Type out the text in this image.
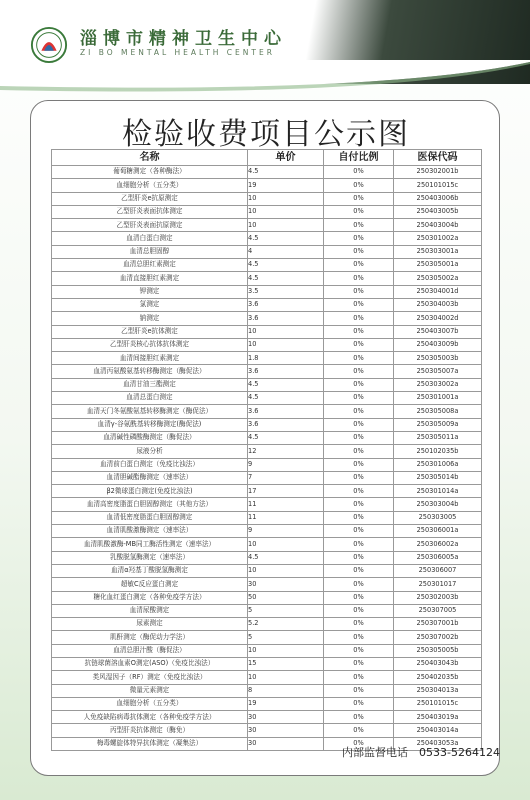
淄博市精神卫生中心
ZI BO MENTAL HEALTH CENTER
检验收费项目公示图
名称	单价	自付比例	医保代码
葡萄糖测定（各种酶法）	4.5	0%	250302001b
血细胞分析（五分类）	19	0%	250101015c
乙型肝炎e抗原测定	10	0%	250403006b
乙型肝炎表面抗体测定	10	0%	250403005b
乙型肝炎表面抗原测定	10	0%	250403004b
血清白蛋白测定	4.5	0%	250301002a
血清总胆固醇	4	0%	250303001a
血清总胆红素测定	4.5	0%	250305001a
血清直接胆红素测定	4.5	0%	250305002a
钾测定	3.5	0%	250304001d
氯测定	3.6	0%	250304003b
钠测定	3.6	0%	250304002d
乙型肝炎e抗体测定	10	0%	250403007b
乙型肝炎核心抗体抗体测定	10	0%	250403009b
血清间接胆红素测定	1.8	0%	250305003b
血清丙氨酸氨基转移酶测定（酶促法）	3.6	0%	250305007a
血清甘油三酯测定	4.5	0%	250303002a
血清总蛋白测定	4.5	0%	250301001a
血清天门冬氨酸氨基转移酶测定（酶促法）	3.6	0%	250305008a
血清γ-谷氨酰基转移酶测定(酶促法)	3.6	0%	250305009a
血清碱性磷酸酶测定（酶促法）	4.5	0%	250305011a
尿液分析	12	0%	250102035b
血清前白蛋白测定（免疫比浊法）	9	0%	250301006a
血清胆碱酯酶测定（速率法）	7	0%	250305014b
β2微球蛋白测定(免疫比浊法)	17	0%	250301014a
血清高密度脂蛋白胆固醇测定（其他方法）	11	0%	250303004b
血清低密度脂蛋白胆固醇测定	11	0%	250303005
血清肌酸激酶测定（速率法）	9	0%	250306001a
血清肌酸激酶-MB同工酶活性测定（速率法）	10	0%	250306002a
乳酸脱氢酶测定（速率法）	4.5	0%	250306005a
血清α羟基丁酸脱氢酶测定	10	0%	250306007
超敏C反应蛋白测定	30	0%	250301017
糖化血红蛋白测定（各种免疫学方法）	50	0%	250302003b
血清尿酸测定	5	0%	250307005
尿素测定	5.2	0%	250307001b
肌酐测定（酶促动力学法）	5	0%	250307002b
血清总胆汁酸（酶促法）	10	0%	250305005b
抗链球菌溶血素O测定(ASO)（免疫比浊法）	15	0%	250403043b
类风湿因子（RF）测定（免疫比浊法）	10	0%	250402035b
微量元素测定	8	0%	250304013a
血细胞分析（五分类）	19	0%	250101015c
人免疫缺陷病毒抗体测定（各种免疫学方法）	30	0%	250403019a
丙型肝炎抗体测定（酶免）	30	0%	250403014a
梅毒螺旋体特异抗体测定（凝集法）	30	0%	250403053a
内部监督电话　0533-5264124
